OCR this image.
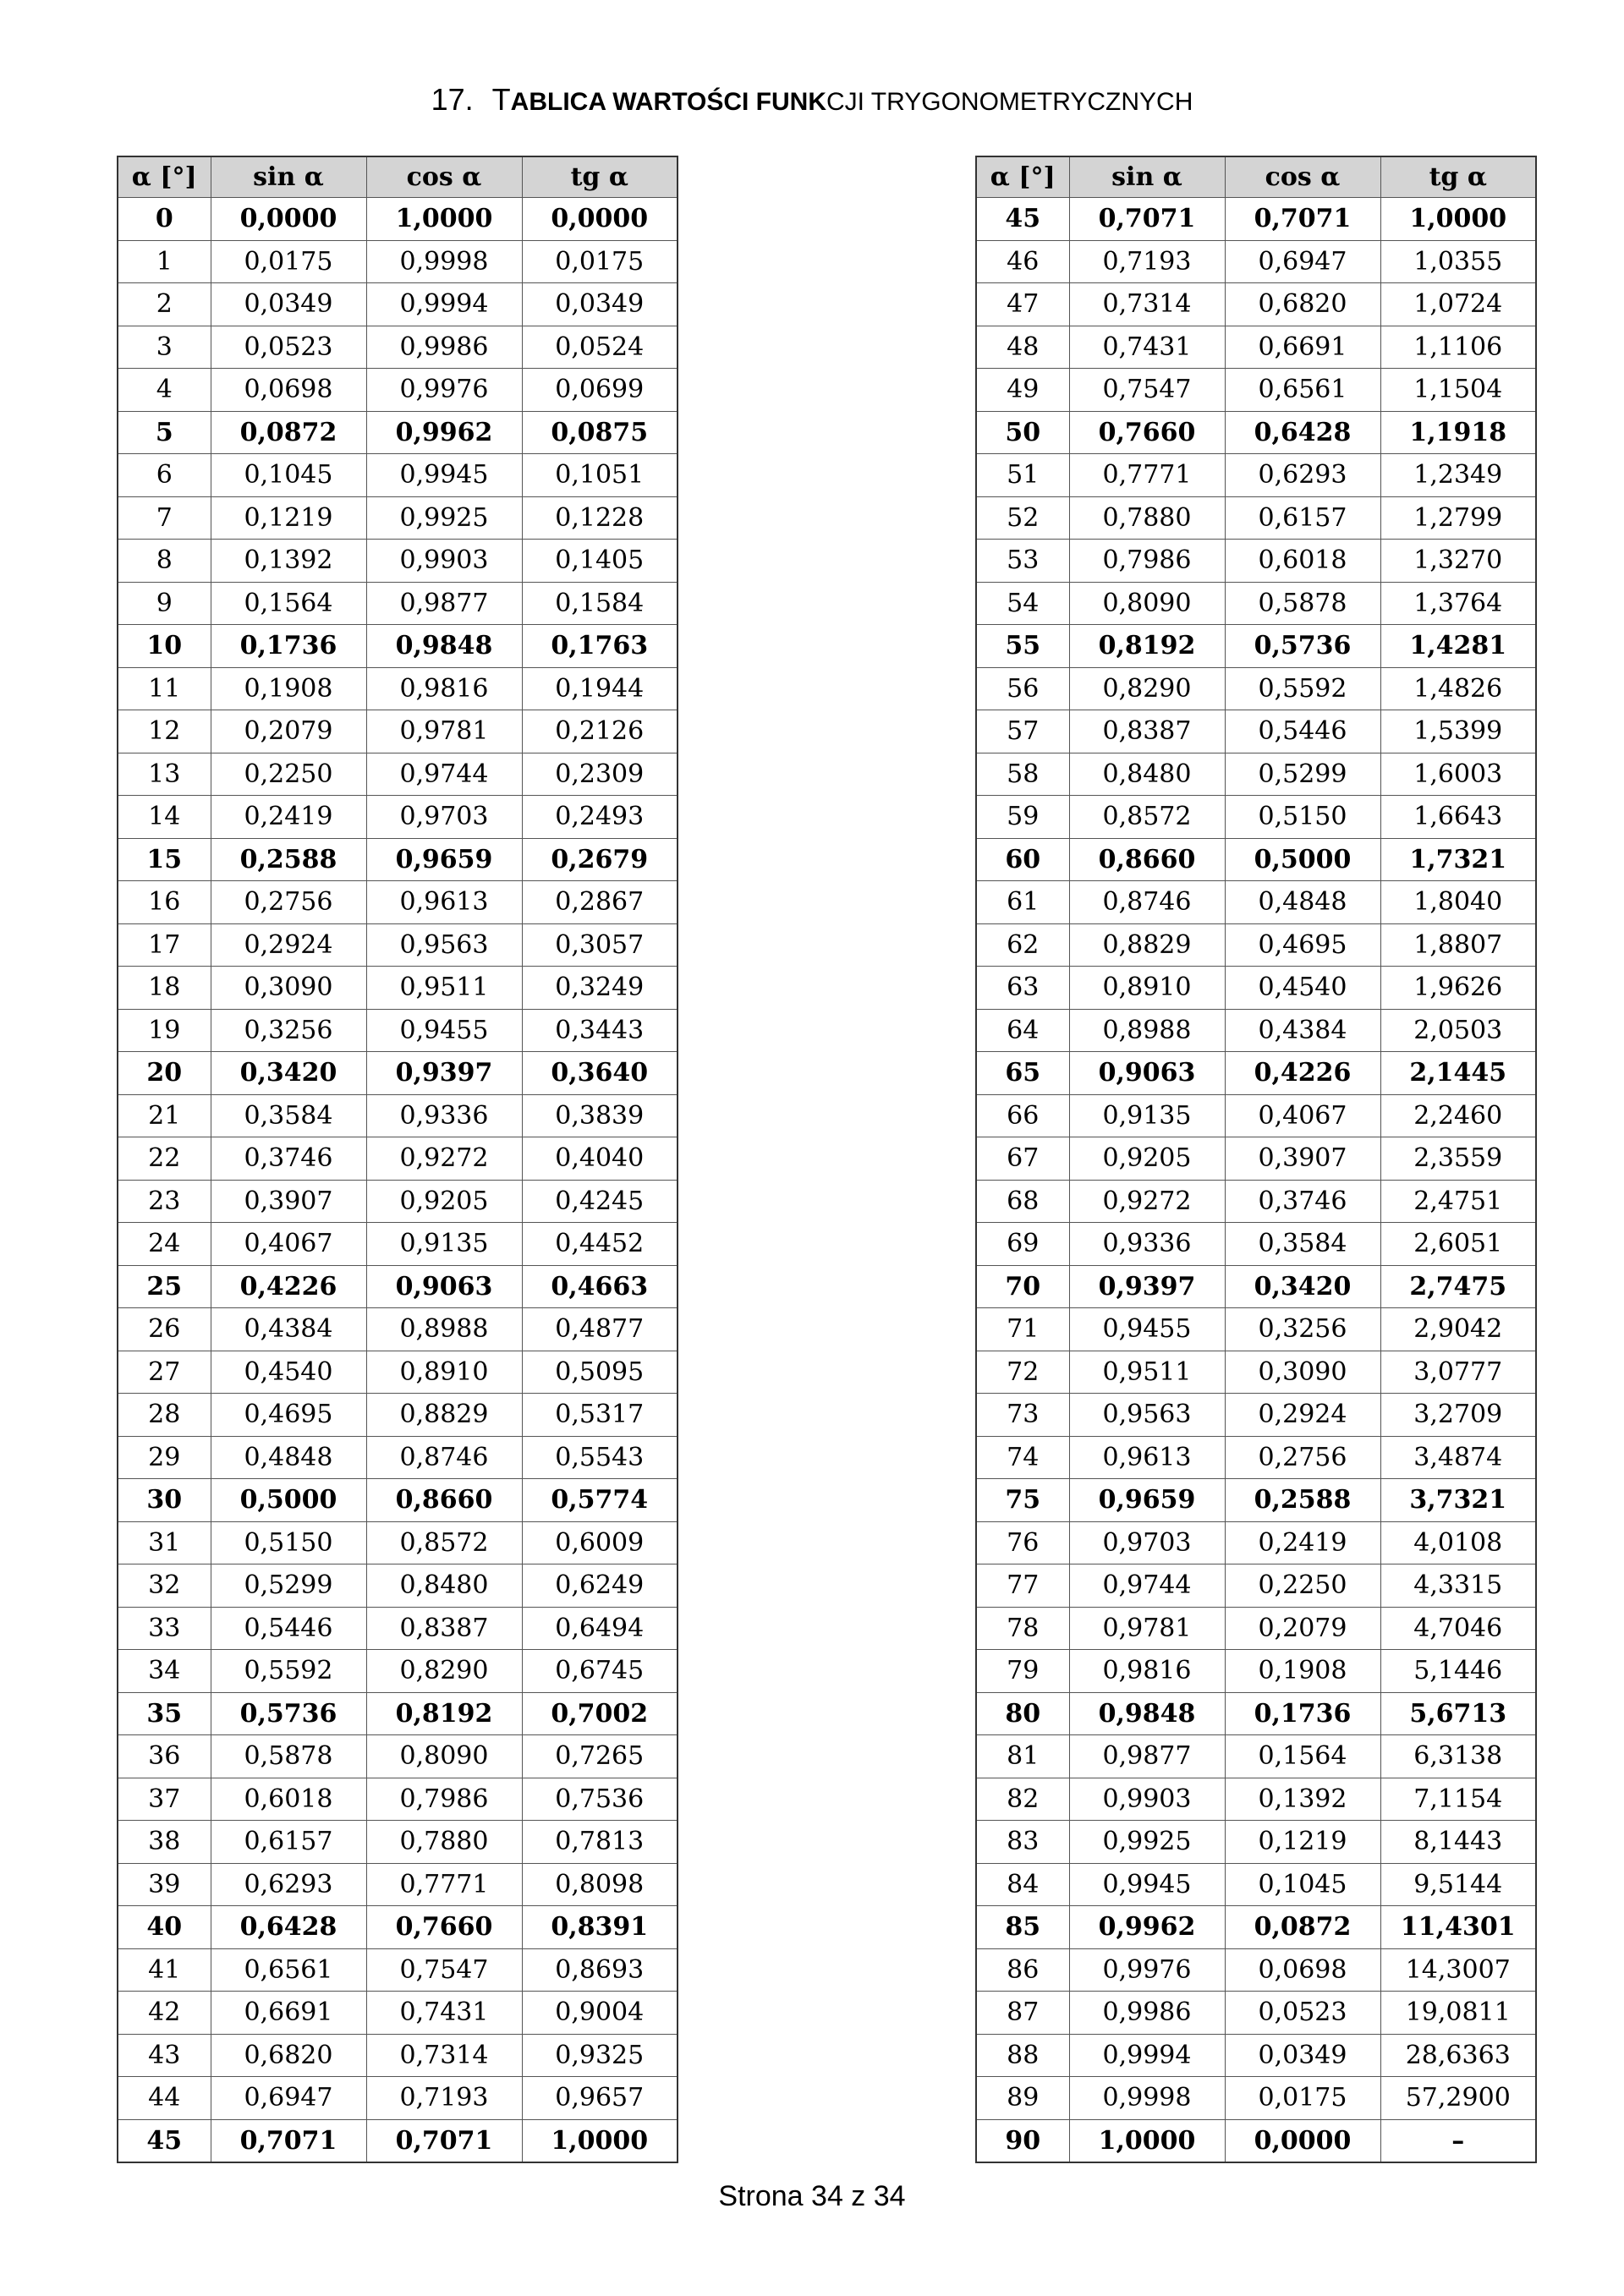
17. TABLICA WARTOŚCI FUNKCJI TRYGONOMETRYCZNYCH
α [°]	sin α	cos α	tg α
0	0,0000	1,0000	0,0000
1	0,0175	0,9998	0,0175
2	0,0349	0,9994	0,0349
3	0,0523	0,9986	0,0524
4	0,0698	0,9976	0,0699
5	0,0872	0,9962	0,0875
6	0,1045	0,9945	0,1051
7	0,1219	0,9925	0,1228
8	0,1392	0,9903	0,1405
9	0,1564	0,9877	0,1584
10	0,1736	0,9848	0,1763
11	0,1908	0,9816	0,1944
12	0,2079	0,9781	0,2126
13	0,2250	0,9744	0,2309
14	0,2419	0,9703	0,2493
15	0,2588	0,9659	0,2679
16	0,2756	0,9613	0,2867
17	0,2924	0,9563	0,3057
18	0,3090	0,9511	0,3249
19	0,3256	0,9455	0,3443
20	0,3420	0,9397	0,3640
21	0,3584	0,9336	0,3839
22	0,3746	0,9272	0,4040
23	0,3907	0,9205	0,4245
24	0,4067	0,9135	0,4452
25	0,4226	0,9063	0,4663
26	0,4384	0,8988	0,4877
27	0,4540	0,8910	0,5095
28	0,4695	0,8829	0,5317
29	0,4848	0,8746	0,5543
30	0,5000	0,8660	0,5774
31	0,5150	0,8572	0,6009
32	0,5299	0,8480	0,6249
33	0,5446	0,8387	0,6494
34	0,5592	0,8290	0,6745
35	0,5736	0,8192	0,7002
36	0,5878	0,8090	0,7265
37	0,6018	0,7986	0,7536
38	0,6157	0,7880	0,7813
39	0,6293	0,7771	0,8098
40	0,6428	0,7660	0,8391
41	0,6561	0,7547	0,8693
42	0,6691	0,7431	0,9004
43	0,6820	0,7314	0,9325
44	0,6947	0,7193	0,9657
45	0,7071	0,7071	1,0000
α [°]	sin α	cos α	tg α
45	0,7071	0,7071	1,0000
46	0,7193	0,6947	1,0355
47	0,7314	0,6820	1,0724
48	0,7431	0,6691	1,1106
49	0,7547	0,6561	1,1504
50	0,7660	0,6428	1,1918
51	0,7771	0,6293	1,2349
52	0,7880	0,6157	1,2799
53	0,7986	0,6018	1,3270
54	0,8090	0,5878	1,3764
55	0,8192	0,5736	1,4281
56	0,8290	0,5592	1,4826
57	0,8387	0,5446	1,5399
58	0,8480	0,5299	1,6003
59	0,8572	0,5150	1,6643
60	0,8660	0,5000	1,7321
61	0,8746	0,4848	1,8040
62	0,8829	0,4695	1,8807
63	0,8910	0,4540	1,9626
64	0,8988	0,4384	2,0503
65	0,9063	0,4226	2,1445
66	0,9135	0,4067	2,2460
67	0,9205	0,3907	2,3559
68	0,9272	0,3746	2,4751
69	0,9336	0,3584	2,6051
70	0,9397	0,3420	2,7475
71	0,9455	0,3256	2,9042
72	0,9511	0,3090	3,0777
73	0,9563	0,2924	3,2709
74	0,9613	0,2756	3,4874
75	0,9659	0,2588	3,7321
76	0,9703	0,2419	4,0108
77	0,9744	0,2250	4,3315
78	0,9781	0,2079	4,7046
79	0,9816	0,1908	5,1446
80	0,9848	0,1736	5,6713
81	0,9877	0,1564	6,3138
82	0,9903	0,1392	7,1154
83	0,9925	0,1219	8,1443
84	0,9945	0,1045	9,5144
85	0,9962	0,0872	11,4301
86	0,9976	0,0698	14,3007
87	0,9986	0,0523	19,0811
88	0,9994	0,0349	28,6363
89	0,9998	0,0175	57,2900
90	1,0000	0,0000	–
Strona 34 z 34
